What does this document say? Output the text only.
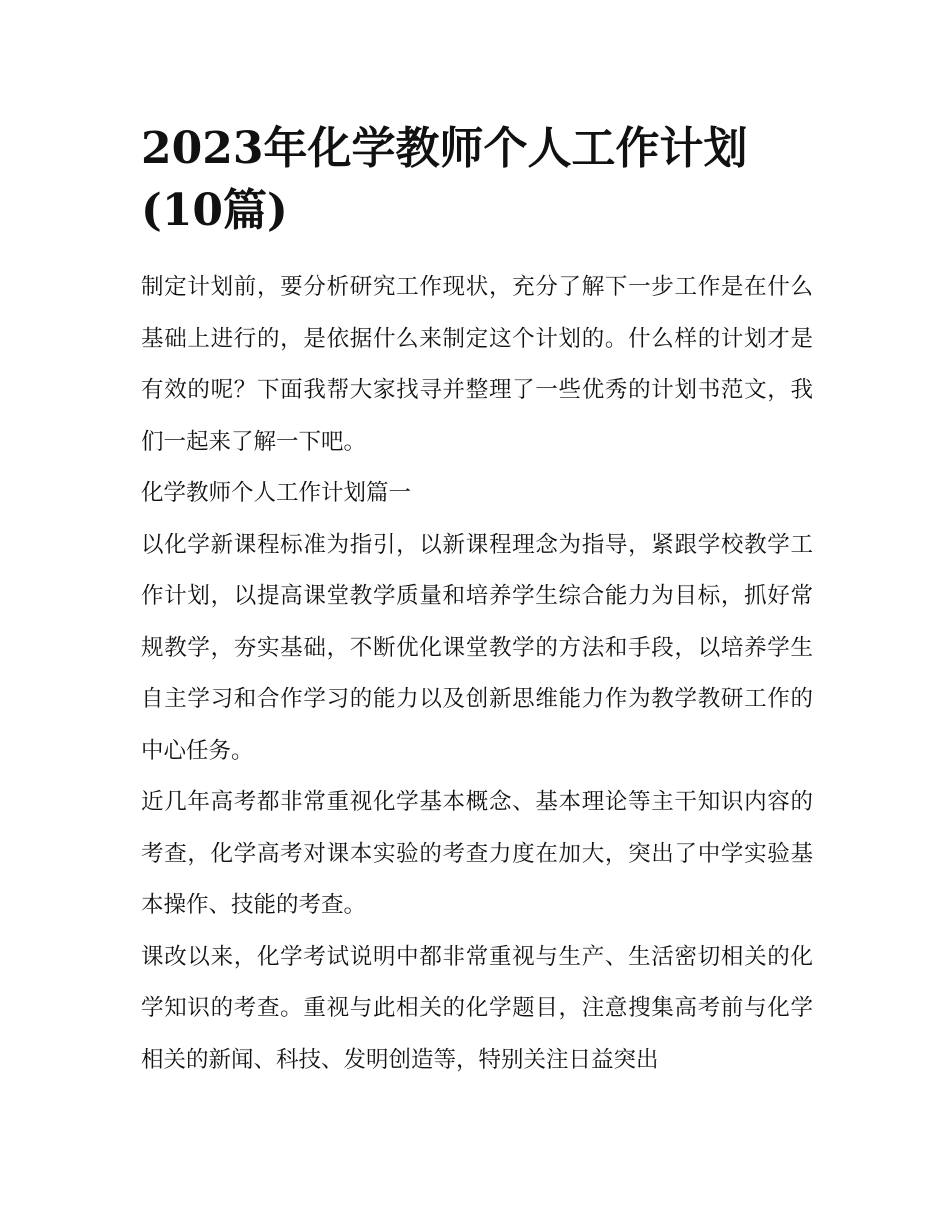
2023年化学教师个人工作计划(10篇)

制定计划前，要分析研究工作现状，充分了解下一步工作是在什么基础上进行的，是依据什么来制定这个计划的。什么样的计划才是有效的呢？下面我帮大家找寻并整理了一些优秀的计划书范文，我们一起来了解一下吧。

化学教师个人工作计划篇一

以化学新课程标准为指引，以新课程理念为指导，紧跟学校教学工作计划，以提高课堂教学质量和培养学生综合能力为目标，抓好常规教学，夯实基础，不断优化课堂教学的方法和手段，以培养学生自主学习和合作学习的能力以及创新思维能力作为教学教研工作的中心任务。

近几年高考都非常重视化学基本概念、基本理论等主干知识内容的考查，化学高考对课本实验的考查力度在加大，突出了中学实验基本操作、技能的考查。

课改以来，化学考试说明中都非常重视与生产、生活密切相关的化学知识的考查。重视与此相关的化学题目，注意搜集高考前与化学相关的新闻、科技、发明创造等，特别关注日益突出
